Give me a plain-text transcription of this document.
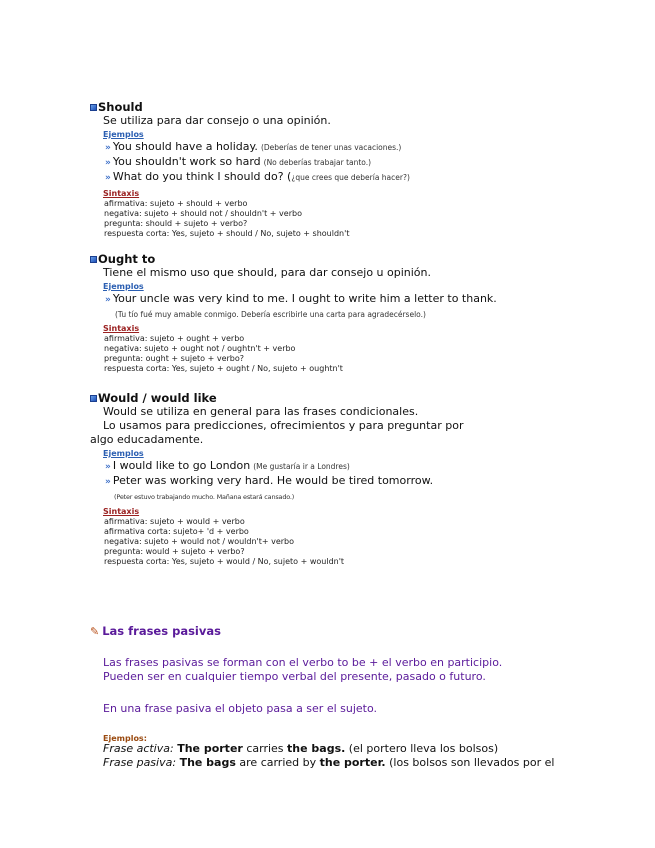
Should
Se utiliza para dar consejo o una opinión.
Ejemplos
» You should have a holiday. (Deberías de tener unas vacaciones.)
» You shouldn't work so hard (No deberías trabajar tanto.)
» What do you think I should do? ( ¿que crees que debería hacer?)
Sintaxis
afirmativa: sujeto + should + verbo
negativa: sujeto + should not / shouldn't + verbo
pregunta: should + sujeto + verbo?
respuesta corta: Yes, sujeto + should / No, sujeto + shouldn't
Ought to
Tiene el mismo uso que should, para dar consejo u opinión.
Ejemplos
» Your uncle was very kind to me. I ought to write him a letter to thank.
(Tu tío fué muy amable conmigo. Debería escribirle una carta para agradecérselo.)
Sintaxis
afirmativa: sujeto + ought + verbo
negativa: sujeto + ought not / oughtn't + verbo
pregunta: ought + sujeto + verbo?
respuesta corta: Yes, sujeto + ought / No, sujeto + oughtn't
Would / would like
Would se utiliza en general para las frases condicionales.
Lo usamos para predicciones, ofrecimientos y para preguntar por algo educadamente.
Ejemplos
» I would like to go London (Me gustaría ir a Londres)
» Peter was working very hard. He would be tired tomorrow.
(Peter estuvo trabajando mucho. Mañana estará cansado.)
Sintaxis
afirmativa: sujeto + would + verbo
afirmativa corta: sujeto+ 'd + verbo
negativa: sujeto + would not / wouldn't+ verbo
pregunta: would + sujeto + verbo?
respuesta corta: Yes, sujeto + would / No, sujeto + wouldn't
✎ Las frases pasivas
Las frases pasivas se forman con el verbo to be + el verbo en participio.
Pueden ser en cualquier tiempo verbal del presente, pasado o futuro.
En una frase pasiva el objeto pasa a ser el sujeto.
Ejemplos:
Frase activa: The porter carries the bags. (el portero lleva los bolsos)
Frase pasiva: The bags are carried by the porter. (los bolsos son llevados por el
